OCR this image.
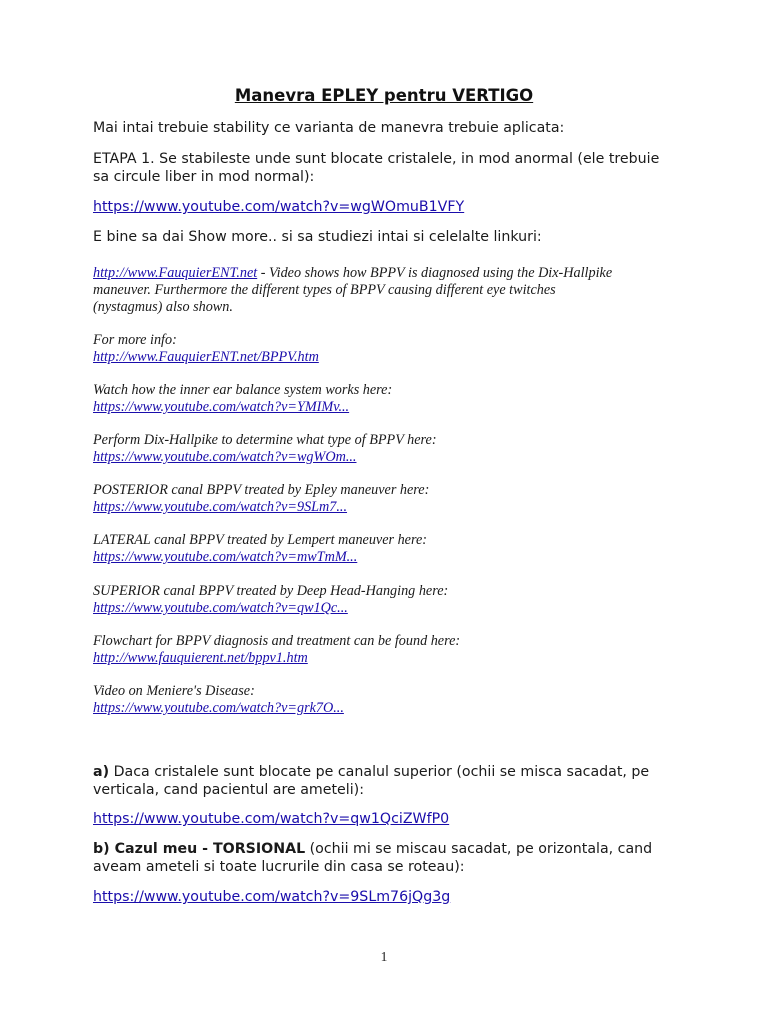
Manevra EPLEY pentru VERTIGO

Mai intai trebuie stability ce varianta de manevra trebuie aplicata:

ETAPA 1. Se stabileste unde sunt blocate cristalele, in mod anormal (ele trebuie

sa circule liber in mod normal):

https://www.youtube.com/watch?v=wgWOmuB1VFY

E bine sa dai Show more.. si sa studiezi intai si celelalte linkuri:

http://www.FauquierENT.net - Video shows how BPPV is diagnosed using the Dix-Hallpike

maneuver. Furthermore the different types of BPPV causing different eye twitches

(nystagmus) also shown.

For more info:

http://www.FauquierENT.net/BPPV.htm

Watch how the inner ear balance system works here:

https://www.youtube.com/watch?v=YMIMv...

Perform Dix-Hallpike to determine what type of BPPV here:

https://www.youtube.com/watch?v=wgWOm...

POSTERIOR canal BPPV treated by Epley maneuver here:

https://www.youtube.com/watch?v=9SLm7...

LATERAL canal BPPV treated by Lempert maneuver here:

https://www.youtube.com/watch?v=mwTmM...

SUPERIOR canal BPPV treated by Deep Head-Hanging here:

https://www.youtube.com/watch?v=qw1Qc...

Flowchart for BPPV diagnosis and treatment can be found here:

http://www.fauquierent.net/bppv1.htm

Video on Meniere's Disease:

https://www.youtube.com/watch?v=grk7O...

a) Daca cristalele sunt blocate pe canalul superior (ochii se misca sacadat, pe

verticala, cand pacientul are ameteli):

https://www.youtube.com/watch?v=qw1QciZWfP0

b) Cazul meu - TORSIONAL (ochii mi se miscau sacadat, pe orizontala, cand

aveam ameteli si toate lucrurile din casa se roteau):

https://www.youtube.com/watch?v=9SLm76jQg3g
1
